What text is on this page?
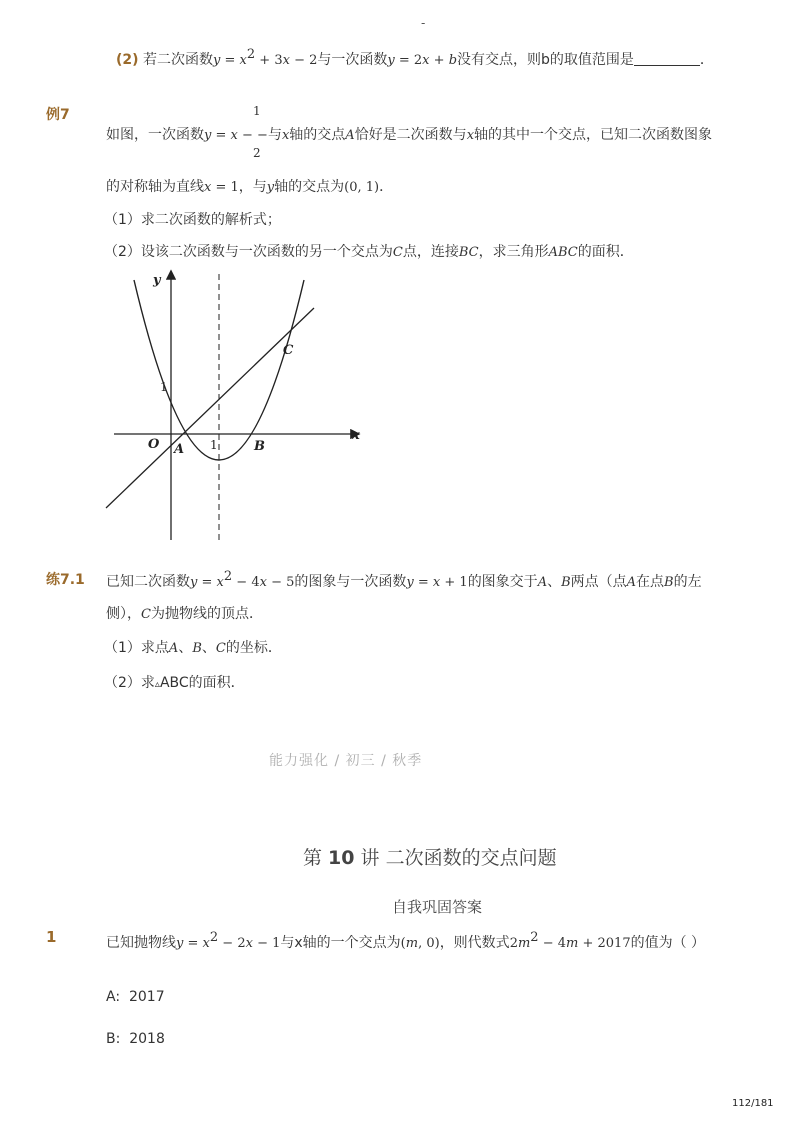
-
(2) 若二次函数$y = x^2 + 3x - 2$与一次函数y = 2x + b没有交点，则b的取值范围是	．
例7	1
2
如图，一次函数y = x − −与x轴的交点A恰好是二次函数与x轴的其中一个交点，已知二次函数图象
的对称轴为直线x = 1，与y轴的交点为(0, 1)．
（1）求二次函数的解析式；
（2）设该二次函数与一次函数的另一个交点为C点，连接BC，求三角形ABC的面积．
y
x
O
1
1
A	B
C
练7.1 已知二次函数$y = x^2 - 4x - 5$的图象与一次函数y = x + 1的图象交于A、B两点（点A在点B的左
侧），C为抛物线的顶点．
（1）求点A、B、C的坐标．
（2）求▵ABC的面积．
能力强化 / 初三 / 秋季
第 10 讲 二次函数的交点问题
自我巩固答案
1	已知抛物线$y = x^2 - 2x - 1$与x轴的一个交点为(m, 0)，则代数式$2m^2 - 4m + 2017$的值为（ ）
A: 2017
B: 2018
112/181
